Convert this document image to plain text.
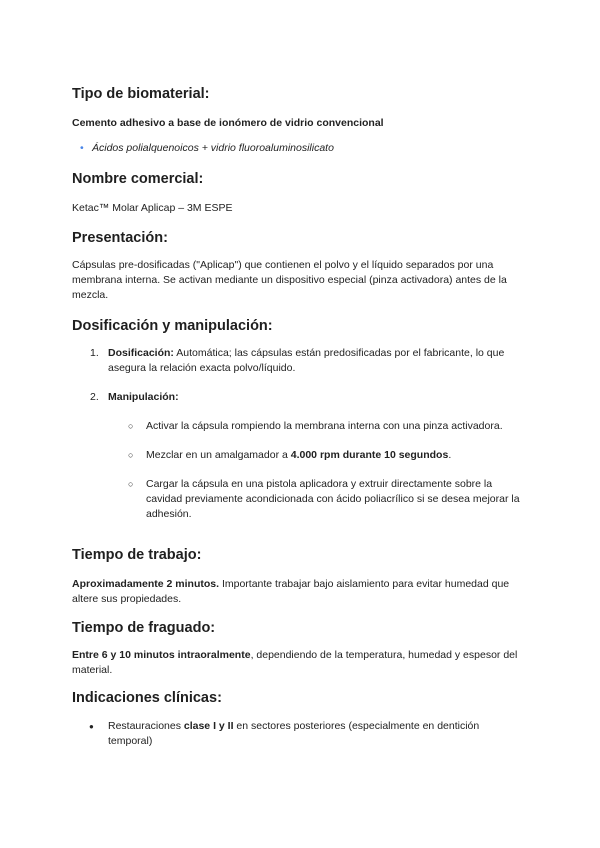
Tipo de biomaterial:

Cemento adhesivo a base de ionómero de vidrio convencional

• Ácidos polialquenoicos + vidrio fluoroaluminosilicato
Nombre comercial:

Ketac™ Molar Aplicap – 3M ESPE

Presentación:

Cápsulas pre-dosificadas ("Aplicap") que contienen el polvo y el líquido separados por una membrana interna. Se activan mediante un dispositivo especial (pinza activadora) antes de la mezcla.

Dosificación y manipulación:
1. Dosificación: Automática; las cápsulas están predosificadas por el fabricante, lo que asegura la relación exacta polvo/líquido.
2. Manipulación:
○ Activar la cápsula rompiendo la membrana interna con una pinza activadora.
○ Mezclar en un amalgamador a 4.000 rpm durante 10 segundos.
○ Cargar la cápsula en una pistola aplicadora y extruir directamente sobre la cavidad previamente acondicionada con ácido poliacrílico si se desea mejorar la adhesión.
Tiempo de trabajo:

Aproximadamente 2 minutos. Importante trabajar bajo aislamiento para evitar humedad que altere sus propiedades.

Tiempo de fraguado:

Entre 6 y 10 minutos intraoralmente, dependiendo de la temperatura, humedad y espesor del material.

Indicaciones clínicas:
● Restauraciones clase I y II en sectores posteriores (especialmente en dentición temporal)
